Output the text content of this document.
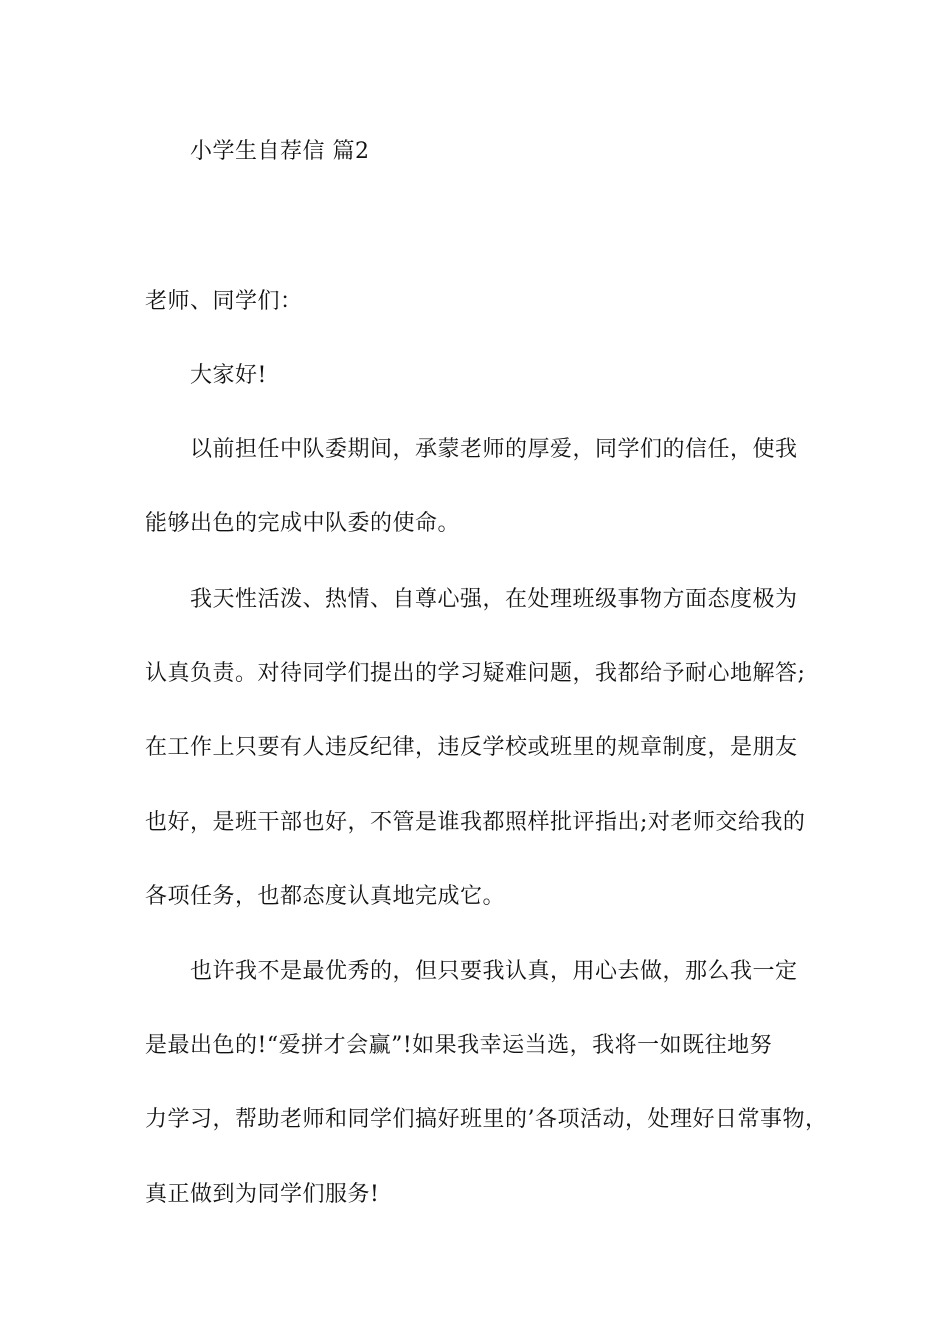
小学生自荐信 篇2
老师、同学们：
大家好!
以前担任中队委期间，承蒙老师的厚爱，同学们的信任，使我
能够出色的完成中队委的使命。
我天性活泼、热情、自尊心强，在处理班级事物方面态度极为
认真负责。对待同学们提出的学习疑难问题，我都给予耐心地解答;
在工作上只要有人违反纪律，违反学校或班里的规章制度，是朋友
也好，是班干部也好，不管是谁我都照样批评指出;对老师交给我的
各项任务，也都态度认真地完成它。
也许我不是最优秀的，但只要我认真，用心去做，那么我一定
是最出色的!“爱拼才会赢”!如果我幸运当选，我将一如既往地努
力学习，帮助老师和同学们搞好班里的’各项活动，处理好日常事物，
真正做到为同学们服务!
